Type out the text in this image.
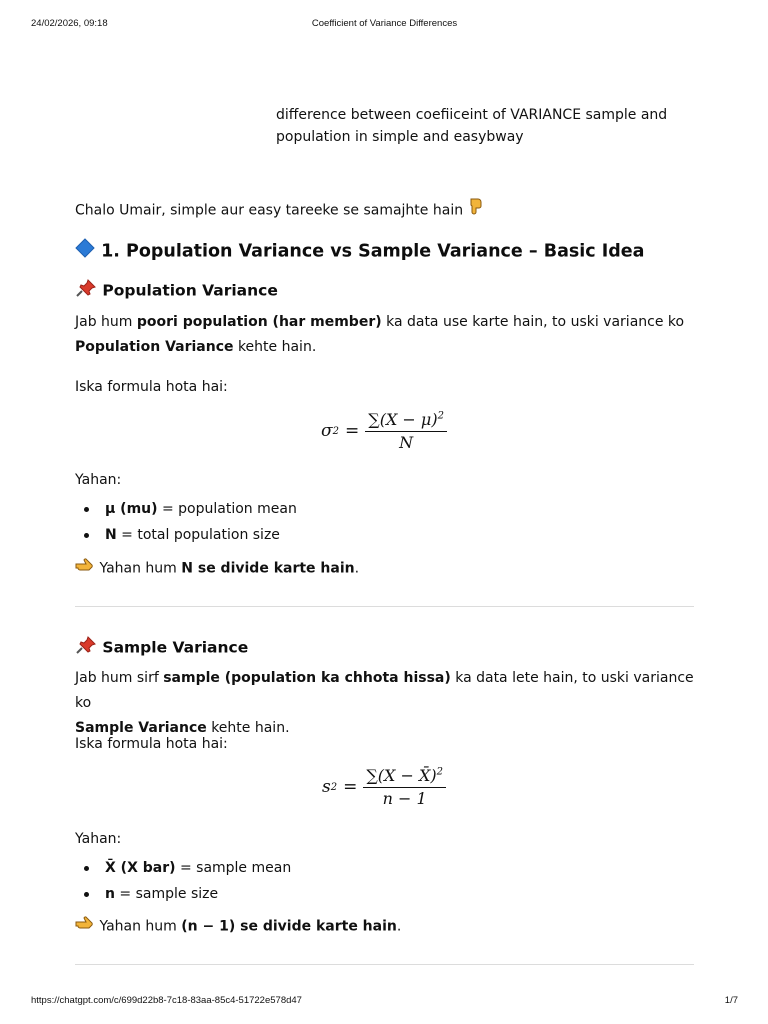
24/02/2026, 09:18	Coefficient of Variance Differences
difference between coefiiceint of VARIANCE sample and population in simple and easybway
Chalo Umair, simple aur easy tareeke se samajhte hain
1. Population Variance vs Sample Variance – Basic Idea
Population Variance
Jab hum poori population (har member) ka data use karte hain, to uski variance ko
Population Variance kehte hain.
Iska formula hota hai:
σ $2 = \frac{\sum(X - \mu)^2}{N}$
Yahan:
μ (mu) = population mean
N = total population size
Yahan hum N se divide karte hain.
Sample Variance
Jab hum sirf sample (population ka chhota hissa) ka data lete hain, to uski variance ko
Sample Variance kehte hain.
Iska formula hota hai:
s $2 = \frac{\sum(X - X̄)^2}{n - 1}$
Yahan:
X̄ (X bar) = sample mean
n = sample size
Yahan hum (n − 1) se divide karte hain.
https://chatgpt.com/c/699d22b8-7c18-83aa-85c4-51722e578d47	1/7
